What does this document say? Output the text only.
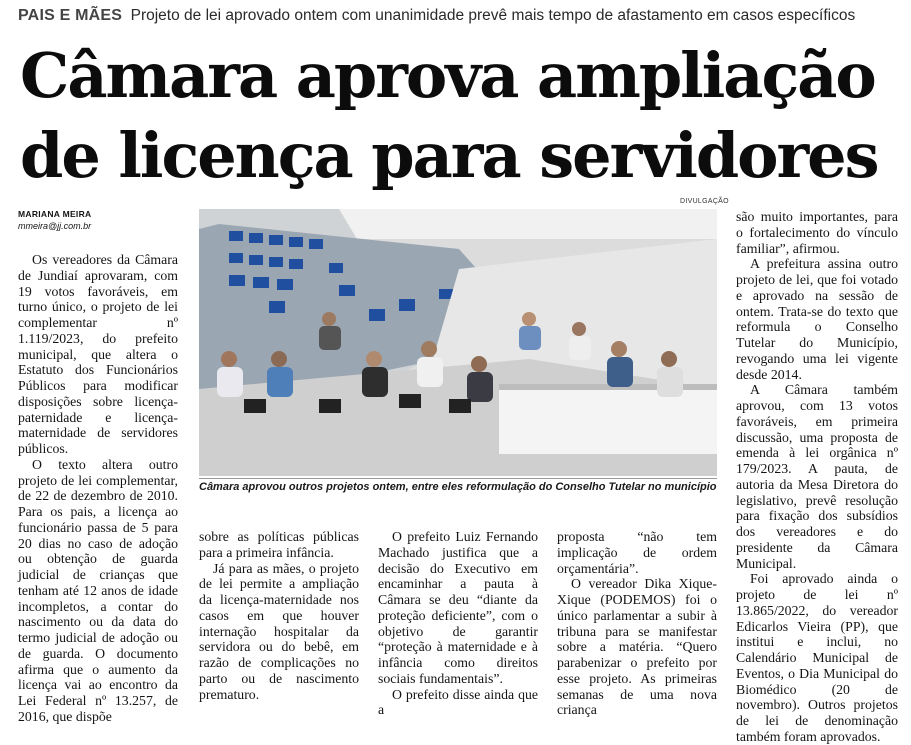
PAIS E MÃES Projeto de lei aprovado ontem com unanimidade prevê mais tempo de afastamento em casos específicos
Câmara aprova ampliação
de licença para servidores
MARIANA MEIRA
mmeira@jj.com.br

Os vereadores da Câmara de Jundiaí aprovaram, com 19 votos favoráveis, em turno único, o projeto de lei complementar nº 1.119/2023, do prefeito municipal, que altera o Estatuto dos Funcionários Públicos para modificar disposições sobre licença-paternidade e licença-maternidade de servidores públicos.

O texto altera outro projeto de lei complementar, de 22 de dezembro de 2010. Para os pais, a licença ao funcionário passa de 5 para 20 dias no caso de adoção ou obtenção de guarda judicial de crianças que tenham até 12 anos de idade incompletos, a contar do nascimento ou da data do termo judicial de adoção ou de guarda. O documento afirma que o aumento da licença vai ao encontro da Lei Federal nº 13.257, de 2016, que dispõe

DIVULGAÇÃO
Câmara aprovou outros projetos ontem, entre eles reformulação do Conselho Tutelar no município

sobre as políticas públicas para a primeira infância.

Já para as mães, o projeto de lei permite a ampliação da licença-maternidade nos casos em que houver internação hospitalar da servidora ou do bebê, em razão de complicações no parto ou de nascimento prematuro.

O prefeito Luiz Fernando Machado justifica que a decisão do Executivo em encaminhar a pauta à Câmara se deu “diante da proteção deficiente”, com o objetivo de garantir “proteção à maternidade e à infância como direitos sociais fundamentais”.

O prefeito disse ainda que a

proposta “não tem implicação de ordem orçamentária”.

O vereador Dika Xique-Xique (PODEMOS) foi o único parlamentar a subir à tribuna para se manifestar sobre a matéria. “Quero parabenizar o prefeito por esse projeto. As primeiras semanas de uma nova criança

são muito importantes, para o fortalecimento do vínculo familiar”, afirmou.

A prefeitura assina outro projeto de lei, que foi votado e aprovado na sessão de ontem. Trata-se do texto que reformula o Conselho Tutelar do Município, revogando uma lei vigente desde 2014.

A Câmara também aprovou, com 13 votos favoráveis, em primeira discussão, uma proposta de emenda à lei orgânica nº 179/2023. A pauta, de autoria da Mesa Diretora do legislativo, prevê resolução para fixação dos subsídios dos vereadores e do presidente da Câmara Municipal.

Foi aprovado ainda o projeto de lei nº 13.865/2022, do vereador Edicarlos Vieira (PP), que institui e inclui, no Calendário Municipal de Eventos, o Dia Municipal do Biomédico (20 de novembro). Outros projetos de lei de denominação também foram aprovados.
